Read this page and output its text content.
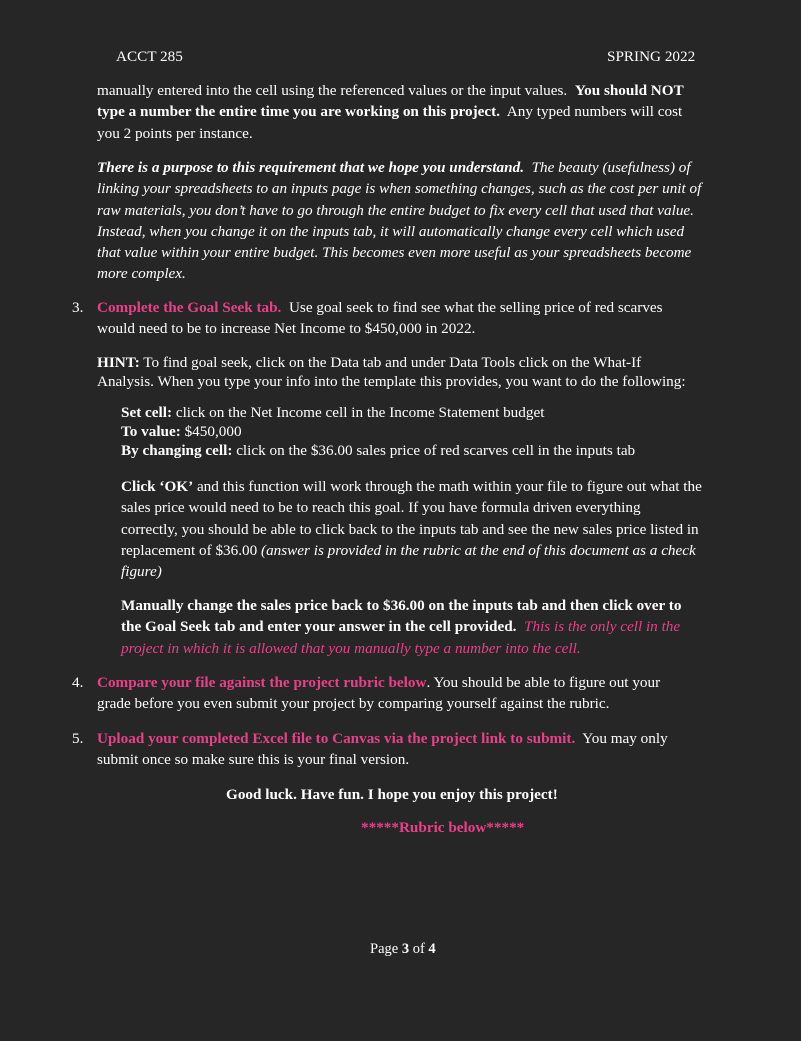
ACCT 285	SPRING 2022
manually entered into the cell using the referenced values or the input values. You should NOT
type a number the entire time you are working on this project. Any typed numbers will cost
you 2 points per instance.
There is a purpose to this requirement that we hope you understand. The beauty (usefulness) of
linking your spreadsheets to an inputs page is when something changes, such as the cost per unit of
raw materials, you don’t have to go through the entire budget to fix every cell that used that value.
Instead, when you change it on the inputs tab, it will automatically change every cell which used
that value within your entire budget. This becomes even more useful as your spreadsheets become
more complex.
3. Complete the Goal Seek tab. Use goal seek to find see what the selling price of red scarves
would need to be to increase Net Income to $450,000 in 2022.
HINT: To find goal seek, click on the Data tab and under Data Tools click on the What-If
Analysis. When you type your info into the template this provides, you want to do the following:
Set cell: click on the Net Income cell in the Income Statement budget
To value: $450,000
By changing cell: click on the $36.00 sales price of red scarves cell in the inputs tab
Click ‘OK’ and this function will work through the math within your file to figure out what the
sales price would need to be to reach this goal. If you have formula driven everything
correctly, you should be able to click back to the inputs tab and see the new sales price listed in
replacement of $36.00 (answer is provided in the rubric at the end of this document as a check
figure)
Manually change the sales price back to $36.00 on the inputs tab and then click over to
the Goal Seek tab and enter your answer in the cell provided. This is the only cell in the
project in which it is allowed that you manually type a number into the cell.
4. Compare your file against the project rubric below. You should be able to figure out your
grade before you even submit your project by comparing yourself against the rubric.
5. Upload your completed Excel file to Canvas via the project link to submit. You may only
submit once so make sure this is your final version.
Good luck. Have fun. I hope you enjoy this project!
*****Rubric below*****
Page 3 of 4
